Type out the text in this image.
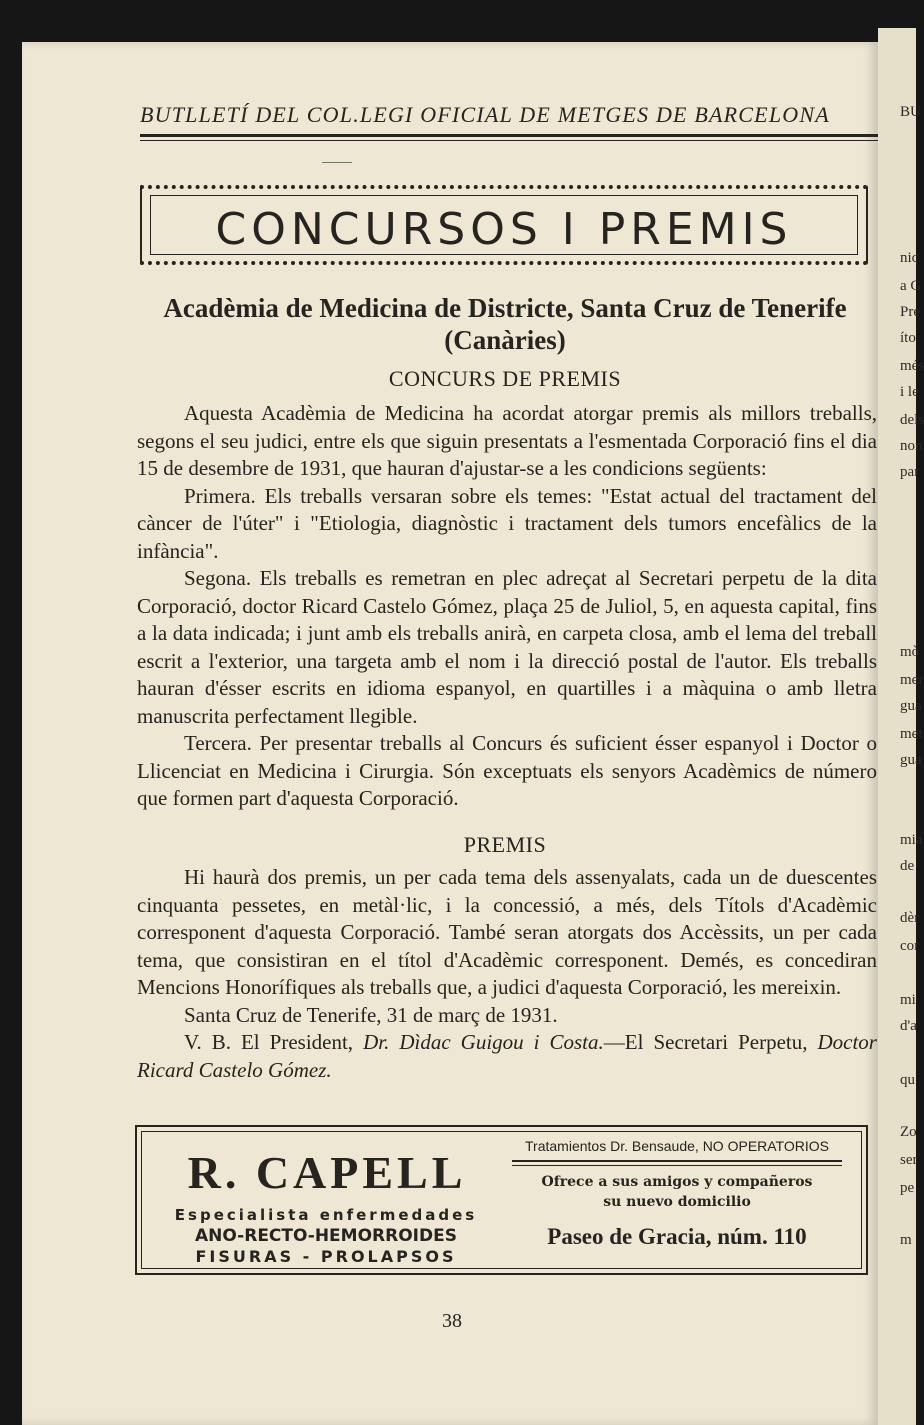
BU
nic
a G
Pre
íto
més
i le
dels
non
par
mò
mer
gua
met
gua
mia
de
dèr
cor
mi
d'a
qu
Zo
ser
pe
m
BUTLLETÍ DEL COL.LEGI OFICIAL DE METGES DE BARCELONA
CONCURSOS I PREMIS
Acadèmia de Medicina de Districte, Santa Cruz de Tenerife
(Canàries)
CONCURS DE PREMIS

Aquesta Acadèmia de Medicina ha acordat atorgar premis als millors treballs, segons el seu judici, entre els que siguin presentats a l'esmentada Corporació fins el dia 15 de desembre de 1931, que hauran d'ajustar-se a les condicions següents:

Primera. Els treballs versaran sobre els temes: "Estat actual del tractament del càncer de l'úter" i "Etiologia, diagnòstic i tractament dels tumors encefàlics de la infància".

Segona. Els treballs es remetran en plec adreçat al Secretari perpetu de la dita Corporació, doctor Ricard Castelo Gómez, plaça 25 de Juliol, 5, en aquesta capital, fins a la data indicada; i junt amb els treballs anirà, en carpeta closa, amb el lema del treball escrit a l'exterior, una targeta amb el nom i la direcció postal de l'autor. Els treballs hauran d'ésser escrits en idioma espanyol, en quartilles i a màquina o amb lletra manuscrita perfectament llegible.

Tercera. Per presentar treballs al Concurs és suficient ésser espanyol i Doctor o Llicenciat en Medicina i Cirurgia. Són exceptuats els senyors Acadèmics de número que formen part d'aquesta Corporació.

PREMIS

Hi haurà dos premis, un per cada tema dels assenyalats, cada un de duescentes cinquanta pessetes, en metàl·lic, i la concessió, a més, dels Títols d'Acadèmic corresponent d'aquesta Corporació. També seran atorgats dos Accèssits, un per cada tema, que consistiran en el títol d'Acadèmic corresponent. Demés, es concediran Mencions Honorífiques als treballs que, a judici d'aquesta Corporació, les mereixin.

Santa Cruz de Tenerife, 31 de març de 1931.

V. B. El President, Dr. Dìdac Guigou i Costa.—El Secretari Perpetu, Doctor Ricard Castelo Gómez.

R. CAPELL
Especialista enfermedades
ANO-RECTO-HEMORROIDES
FISURAS - PROLAPSOS
Tratamientos Dr. Bensaude, NO OPERATORIOS
Ofrece a sus amigos y compañeros su nuevo domicilio
Paseo de Gracia, núm. 110
38
